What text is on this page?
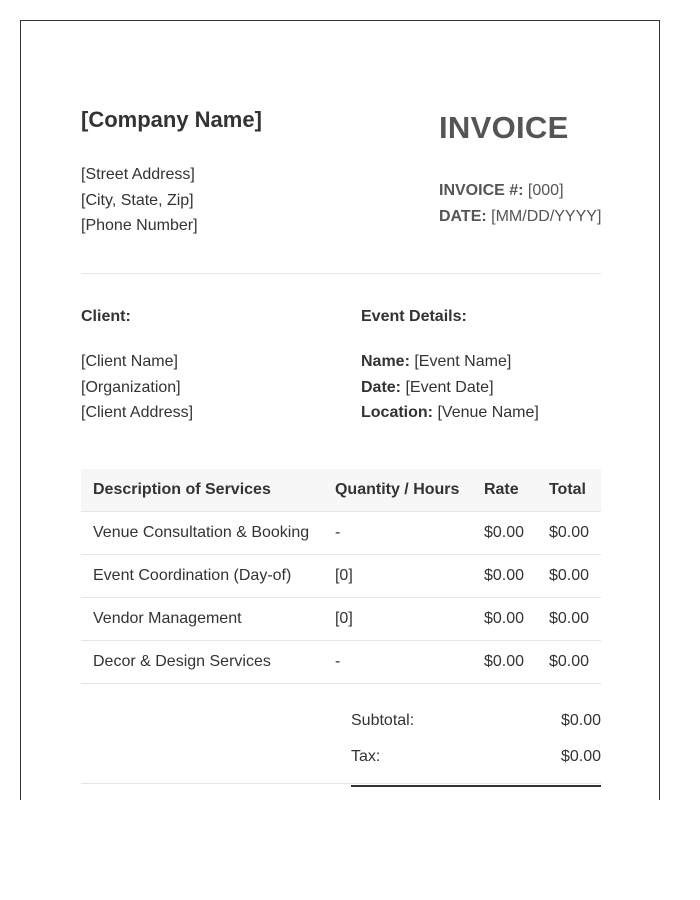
[Company Name]
[Street Address]
[City, State, Zip]
[Phone Number]
INVOICE
INVOICE #: [000]
DATE: [MM/DD/YYYY]
Client:
[Client Name]
[Organization]
[Client Address]
Event Details:
Name: [Event Name]
Date: [Event Date]
Location: [Venue Name]
Description of Services	Quantity / Hours	Rate	Total
Venue Consultation & Booking	-	$0.00	$0.00
Event Coordination (Day-of)	[0]	$0.00	$0.00
Vendor Management	[0]	$0.00	$0.00
Decor & Design Services	-	$0.00	$0.00
Subtotal:	$0.00
Tax:	$0.00
